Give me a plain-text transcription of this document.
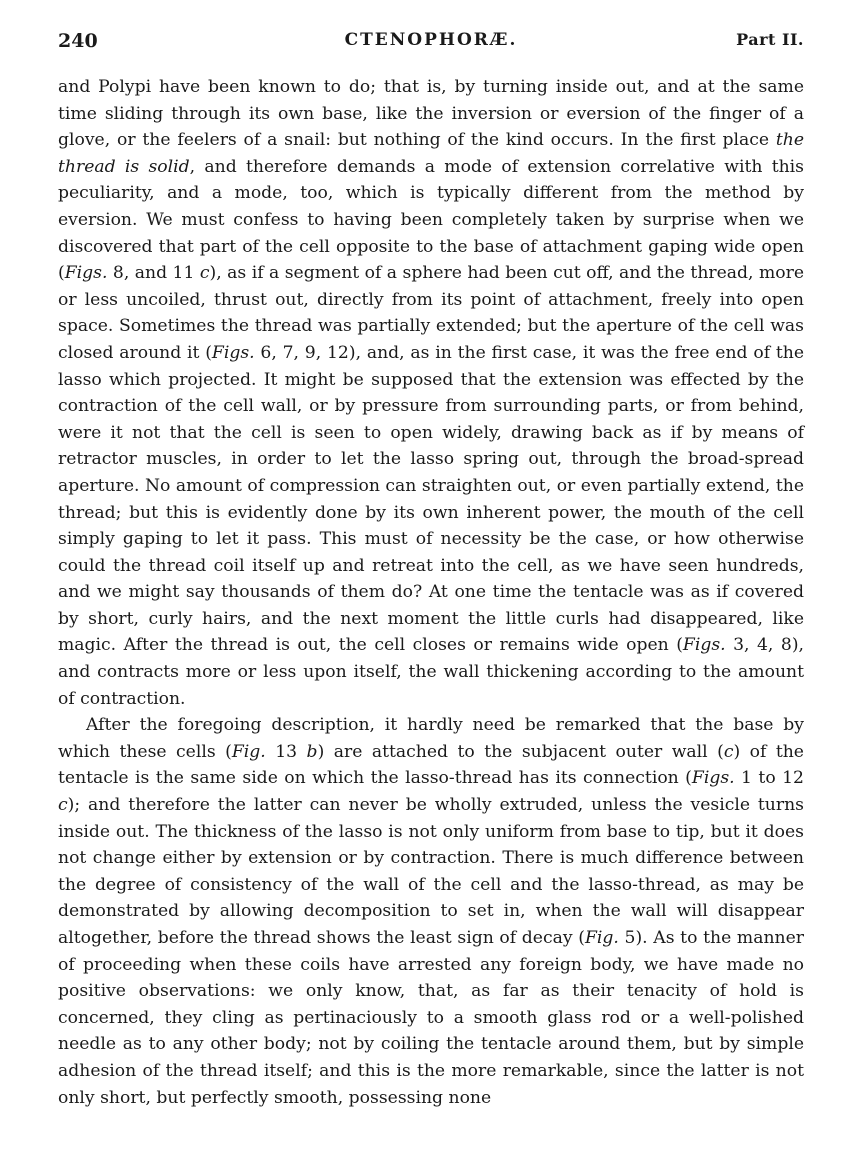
240	CTENOPHORÆ.	Part II.

and Polypi have been known to do; that is, by turning inside out, and at the same time sliding through its own base, like the inversion or eversion of the finger of a glove, or the feelers of a snail: but nothing of the kind occurs. In the first place the thread is solid, and therefore demands a mode of extension correlative with this peculiarity, and a mode, too, which is typically different from the method by eversion. We must confess to having been completely taken by surprise when we discovered that part of the cell opposite to the base of attachment gaping wide open (Figs. 8, and 11 c), as if a segment of a sphere had been cut off, and the thread, more or less uncoiled, thrust out, directly from its point of attachment, freely into open space. Sometimes the thread was partially extended; but the aperture of the cell was closed around it (Figs. 6, 7, 9, 12), and, as in the first case, it was the free end of the lasso which projected. It might be supposed that the extension was effected by the contraction of the cell wall, or by pressure from surrounding parts, or from behind, were it not that the cell is seen to open widely, drawing back as if by means of retractor muscles, in order to let the lasso spring out, through the broad-spread aperture. No amount of compression can straighten out, or even partially extend, the thread; but this is evidently done by its own inherent power, the mouth of the cell simply gaping to let it pass. This must of necessity be the case, or how otherwise could the thread coil itself up and retreat into the cell, as we have seen hundreds, and we might say thousands of them do? At one time the tentacle was as if covered by short, curly hairs, and the next moment the little curls had disappeared, like magic. After the thread is out, the cell closes or remains wide open (Figs. 3, 4, 8), and contracts more or less upon itself, the wall thickening according to the amount of contraction.

After the foregoing description, it hardly need be remarked that the base by which these cells (Fig. 13 b) are attached to the subjacent outer wall (c) of the tentacle is the same side on which the lasso-thread has its connection (Figs. 1 to 12 c); and therefore the latter can never be wholly extruded, unless the vesicle turns inside out. The thickness of the lasso is not only uniform from base to tip, but it does not change either by extension or by contraction. There is much difference between the degree of consistency of the wall of the cell and the lasso-thread, as may be demonstrated by allowing decomposition to set in, when the wall will disappear altogether, before the thread shows the least sign of decay (Fig. 5). As to the manner of proceeding when these coils have arrested any foreign body, we have made no positive observations: we only know, that, as far as their tenacity of hold is concerned, they cling as pertinaciously to a smooth glass rod or a well-polished needle as to any other body; not by coiling the tentacle around them, but by simple adhesion of the thread itself; and this is the more remarkable, since the latter is not only short, but perfectly smooth, possessing none
